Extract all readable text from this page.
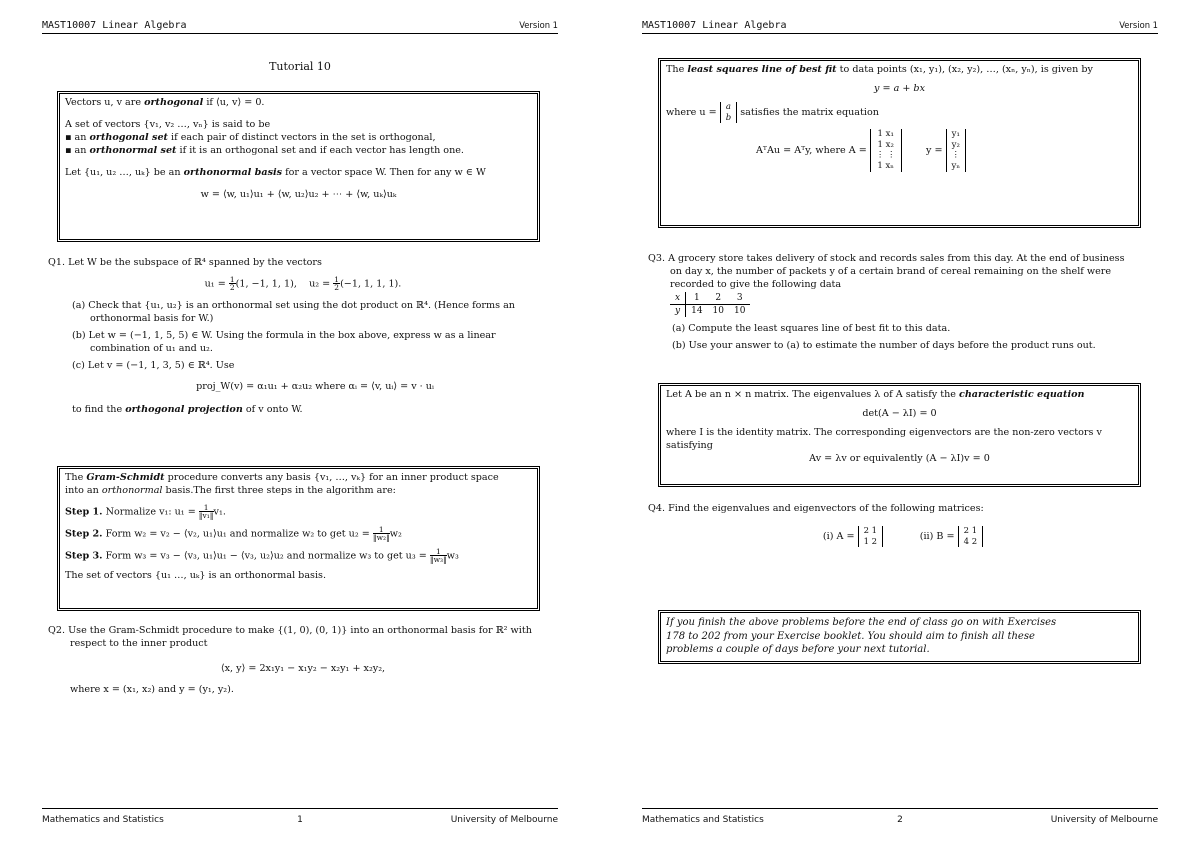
MAST10007 Linear Algebra	Version 1
Tutorial 10
Vectors u, v are orthogonal if ⟨u, v⟩ = 0.
A set of vectors {v₁, v₂ …, vₙ} is said to be
▪ an orthogonal set if each pair of distinct vectors in the set is orthogonal,
▪ an orthonormal set if it is an orthogonal set and if each vector has length one.
Let {u₁, u₂ …, uₖ} be an orthonormal basis for a vector space W. Then for any w ∈ W
w = ⟨w, u₁⟩u₁ + ⟨w, u₂⟩u₂ + ⋯ + ⟨w, uₖ⟩uₖ
Q1. Let W be the subspace of ℝ⁴ spanned by the vectors
$u_1 = \frac{1}{2} (1$, −1, 1, 1), $u_2 = \frac{1}{2} (-1$, 1, 1, 1).
(a) Check that {u₁, u₂} is an orthonormal set using the dot product on ℝ⁴. (Hence forms an
orthonormal basis for W.)
(b) Let w = (−1, 1, 5, 5) ∈ W. Using the formula in the box above, express w as a linear
combination of u₁ and u₂.
(c) Let v = (−1, 1, 3, 5) ∈ ℝ⁴. Use
proj_W(v) = α₁u₁ + α₂u₂ where αᵢ = ⟨v, uᵢ⟩ = v · uᵢ
to find the orthogonal projection of v onto W.
The Gram-Schmidt procedure converts any basis {v₁, …, vₖ} for an inner product space
into an orthonormal basis.The first three steps in the algorithm are:
Step 1. Normalize v₁: $u_1 = \frac{1}{\text{‖v₁‖}} v_1$.
Step 2. Form w₂ = v₂ − ⟨v₂, u₁⟩u₁ and normalize w₂ to get $u_2 = \frac{1}{\text{‖w₂‖}} w_2$
Step 3. Form w₃ = v₃ − ⟨v₃, u₁⟩u₁ − ⟨v₃, u₂⟩u₂ and normalize w₃ to get $u_3 = \frac{1}{\text{‖w₃‖}} w_3$
The set of vectors {u₁ …, uₖ} is an orthonormal basis.
Q2. Use the Gram-Schmidt procedure to make {(1, 0), (0, 1)} into an orthonormal basis for ℝ² with
respect to the inner product
⟨x, y⟩ = 2x₁y₁ − x₁y₂ − x₂y₁ + x₂y₂,
where x = (x₁, x₂) and y = (y₁, y₂).
Mathematics and Statistics	1	University of Melbourne
MAST10007 Linear Algebra	Version 1
The least squares line of best fit to data points (x₁, y₁), (x₂, y₂), …, (xₙ, yₙ), is given by
y = a + bx
where u =
a
b satisfies the matrix equation
AᵀAu = Aᵀy, where A =
1 x₁
1 x₂
⋮ ⋮
1 xₙ
y =
y₁
y₂
⋮
yₙ
Q3. A grocery store takes delivery of stock and records sales from this day. At the end of business
on day x, the number of packets y of a certain brand of cereal remaining on the shelf were
recorded to give the following data
x	1	2	3
y	14	10	10
(a) Compute the least squares line of best fit to this data.
(b) Use your answer to (a) to estimate the number of days before the product runs out.
Let A be an n × n matrix. The eigenvalues λ of A satisfy the characteristic equation
det(A − λI) = 0
where I is the identity matrix. The corresponding eigenvectors are the non-zero vectors v
satisfying
Av = λv or equivalently (A − λI)v = 0
Q4. Find the eigenvalues and eigenvectors of the following matrices:
(i) A =
2 1
1 2	(ii) B =
2 1
4 2
If you finish the above problems before the end of class go on with Exercises
178 to 202 from your Exercise booklet. You should aim to finish all these
problems a couple of days before your next tutorial.
Mathematics and Statistics	2	University of Melbourne
